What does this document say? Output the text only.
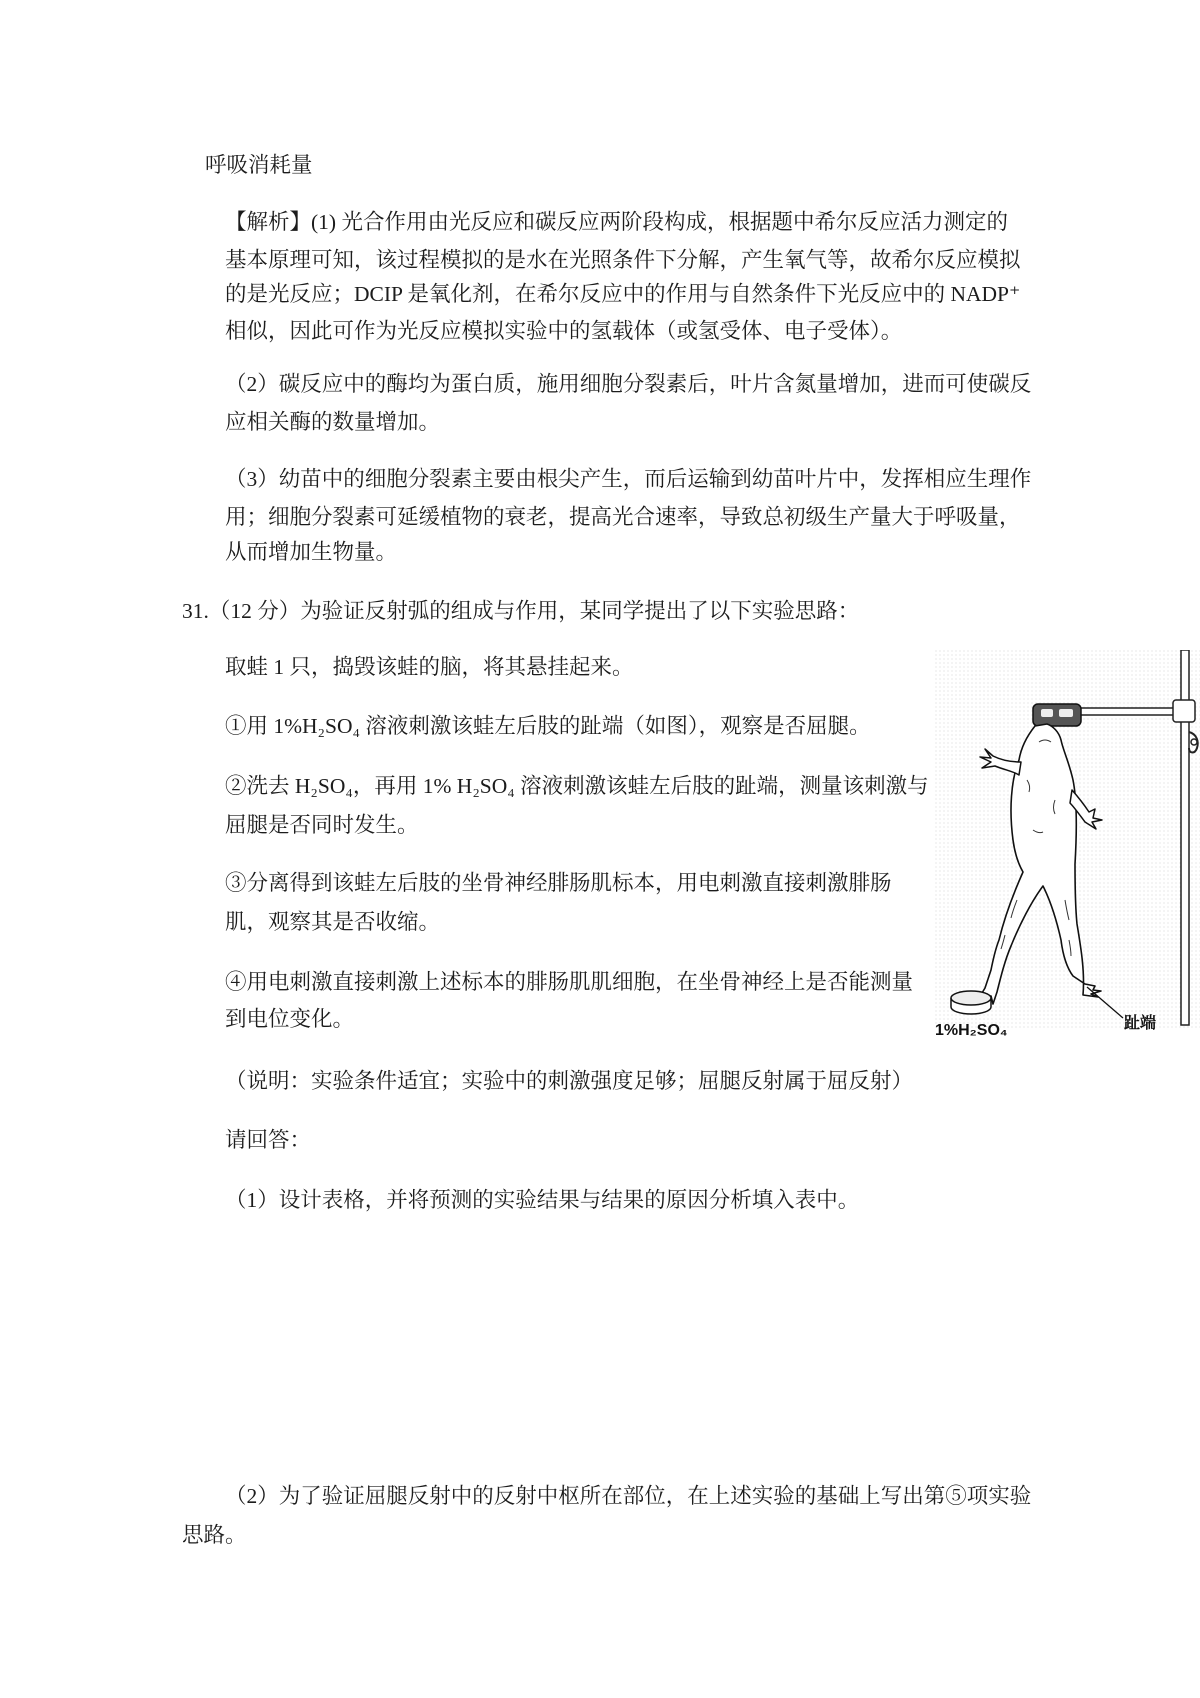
呼吸消耗量
【解析】(1) 光合作用由光反应和碳反应两阶段构成，根据题中希尔反应活力测定的
基本原理可知，该过程模拟的是水在光照条件下分解，产生氧气等，故希尔反应模拟
的是光反应；DCIP 是氧化剂，在希尔反应中的作用与自然条件下光反应中的 NADP⁺
相似，因此可作为光反应模拟实验中的氢载体（或氢受体、电子受体）。
（2）碳反应中的酶均为蛋白质，施用细胞分裂素后，叶片含氮量增加，进而可使碳反
应相关酶的数量增加。
（3）幼苗中的细胞分裂素主要由根尖产生，而后运输到幼苗叶片中，发挥相应生理作
用；细胞分裂素可延缓植物的衰老，提高光合速率，导致总初级生产量大于呼吸量，
从而增加生物量。
31.（12 分）为验证反射弧的组成与作用，某同学提出了以下实验思路：
取蛙 1 只，捣毁该蛙的脑，将其悬挂起来。
①用 1%H₂SO₄ 溶液刺激该蛙左后肢的趾端（如图），观察是否屈腿。
②洗去 H₂SO₄，再用 1% H₂SO₄ 溶液刺激该蛙左后肢的趾端，测量该刺激与
屈腿是否同时发生。
③分离得到该蛙左后肢的坐骨神经腓肠肌标本，用电刺激直接刺激腓肠
肌，观察其是否收缩。
④用电刺激直接刺激上述标本的腓肠肌肌细胞，在坐骨神经上是否能测量
到电位变化。
（说明：实验条件适宜；实验中的刺激强度足够；屈腿反射属于屈反射）
请回答：
（1）设计表格，并将预测的实验结果与结果的原因分析填入表中。
（2）为了验证屈腿反射中的反射中枢所在部位，在上述实验的基础上写出第⑤项实验
思路。
1%H₂SO₄	趾端
